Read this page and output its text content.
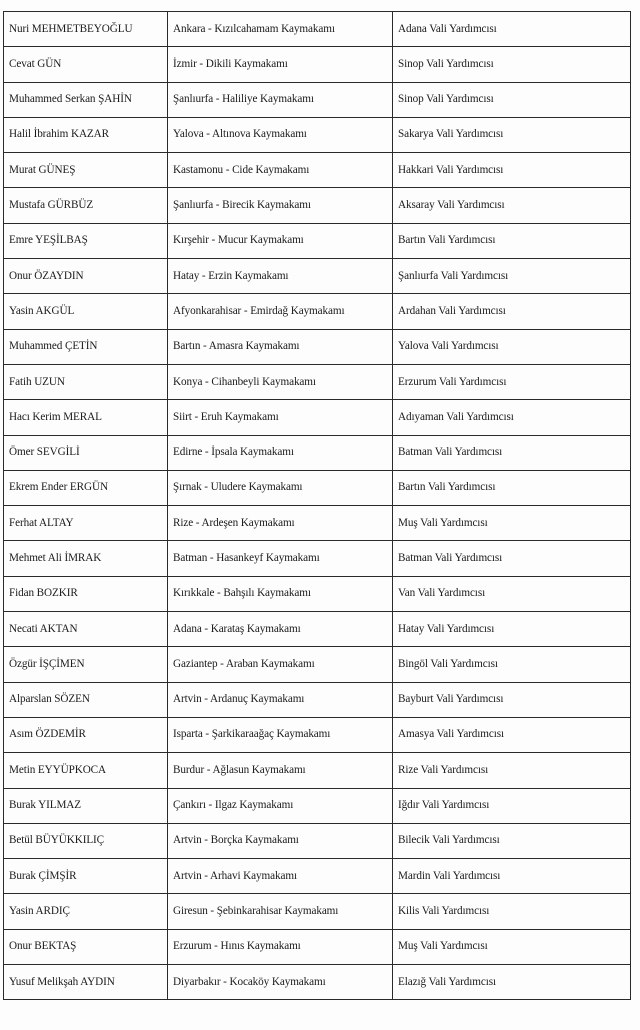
Nuri MEHMETBEYOĞLU	Ankara - Kızılcahamam Kaymakamı	Adana Vali Yardımcısı
Cevat GÜN	İzmir - Dikili Kaymakamı	Sinop Vali Yardımcısı
Muhammed Serkan ŞAHİN	Şanlıurfa - Haliliye Kaymakamı	Sinop Vali Yardımcısı
Halil İbrahim KAZAR	Yalova - Altınova Kaymakamı	Sakarya Vali Yardımcısı
Murat GÜNEŞ	Kastamonu - Cide Kaymakamı	Hakkari Vali Yardımcısı
Mustafa GÜRBÜZ	Şanlıurfa - Birecik Kaymakamı	Aksaray Vali Yardımcısı
Emre YEŞİLBAŞ	Kırşehir - Mucur Kaymakamı	Bartın Vali Yardımcısı
Onur ÖZAYDIN	Hatay - Erzin Kaymakamı	Şanlıurfa Vali Yardımcısı
Yasin AKGÜL	Afyonkarahisar - Emirdağ Kaymakamı	Ardahan Vali Yardımcısı
Muhammed ÇETİN	Bartın - Amasra Kaymakamı	Yalova Vali Yardımcısı
Fatih UZUN	Konya - Cihanbeyli Kaymakamı	Erzurum Vali Yardımcısı
Hacı Kerim MERAL	Siirt - Eruh Kaymakamı	Adıyaman Vali Yardımcısı
Ömer SEVGİLİ	Edirne - İpsala Kaymakamı	Batman Vali Yardımcısı
Ekrem Ender ERGÜN	Şırnak - Uludere Kaymakamı	Bartın Vali Yardımcısı
Ferhat ALTAY	Rize - Ardeşen Kaymakamı	Muş Vali Yardımcısı
Mehmet Ali İMRAK	Batman - Hasankeyf Kaymakamı	Batman Vali Yardımcısı
Fidan BOZKIR	Kırıkkale - Bahşılı Kaymakamı	Van Vali Yardımcısı
Necati AKTAN	Adana - Karataş Kaymakamı	Hatay Vali Yardımcısı
Özgür İŞÇİMEN	Gaziantep - Araban Kaymakamı	Bingöl Vali Yardımcısı
Alparslan SÖZEN	Artvin - Ardanuç Kaymakamı	Bayburt Vali Yardımcısı
Asım ÖZDEMİR	Isparta - Şarkikaraağaç Kaymakamı	Amasya Vali Yardımcısı
Metin EYYÜPKOCA	Burdur - Ağlasun Kaymakamı	Rize Vali Yardımcısı
Burak YILMAZ	Çankırı - Ilgaz Kaymakamı	Iğdır Vali Yardımcısı
Betül BÜYÜKKILIÇ	Artvin - Borçka Kaymakamı	Bilecik Vali Yardımcısı
Burak ÇİMŞİR	Artvin - Arhavi Kaymakamı	Mardin Vali Yardımcısı
Yasin ARDIÇ	Giresun - Şebinkarahisar Kaymakamı	Kilis Vali Yardımcısı
Onur BEKTAŞ	Erzurum - Hınıs Kaymakamı	Muş Vali Yardımcısı
Yusuf Melikşah AYDIN	Diyarbakır - Kocaköy Kaymakamı	Elazığ Vali Yardımcısı
